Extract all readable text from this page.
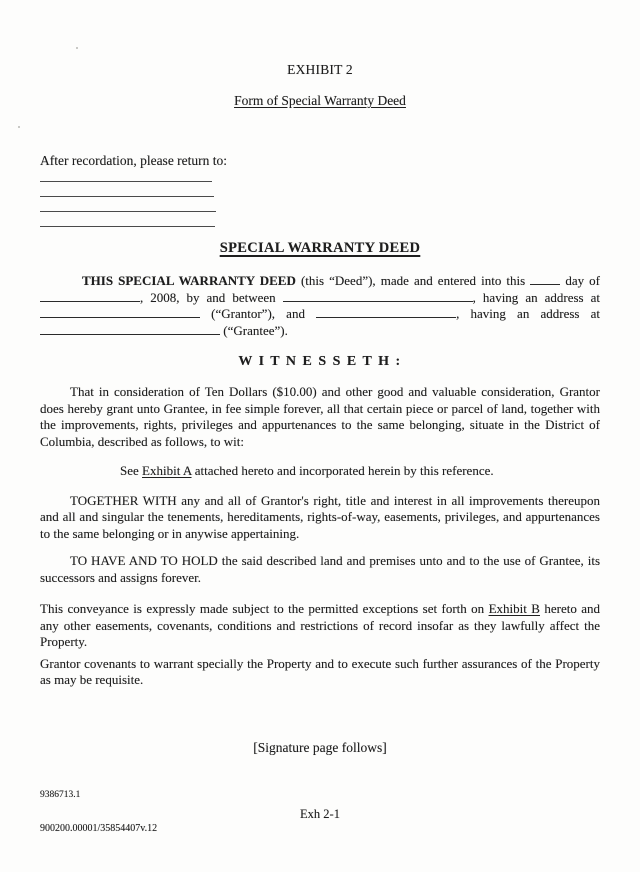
EXHIBIT 2
Form of Special Warranty Deed
After recordation, please return to:
SPECIAL WARRANTY DEED
THIS SPECIAL WARRANTY DEED (this “Deed”), made and entered into this  day of , 2008, by and between	, having an address at  (“Grantor”), and	, having an address at  (“Grantee”).
W I T N E S S E T H :
That in consideration of Ten Dollars ($10.00) and other good and valuable consideration, Grantor does hereby grant unto Grantee, in fee simple forever, all that certain piece or parcel of land, together with the improvements, rights, privileges and appurtenances to the same belonging, situate in the District of Columbia, described as follows, to wit:
See Exhibit A attached hereto and incorporated herein by this reference.
TOGETHER WITH any and all of Grantor's right, title and interest in all improvements thereupon and all and singular the tenements, hereditaments, rights-of-way, easements, privileges, and appurtenances to the same belonging or in anywise appertaining.
TO HAVE AND TO HOLD the said described land and premises unto and to the use of Grantee, its successors and assigns forever.
This conveyance is expressly made subject to the permitted exceptions set forth on Exhibit B hereto and any other easements, covenants, conditions and restrictions of record insofar as they lawfully affect the Property.
Grantor covenants to warrant specially the Property and to execute such further assurances of the Property as may be requisite.
[Signature page follows]
9386713.1
Exh 2-1
900200.00001/35854407v.12
